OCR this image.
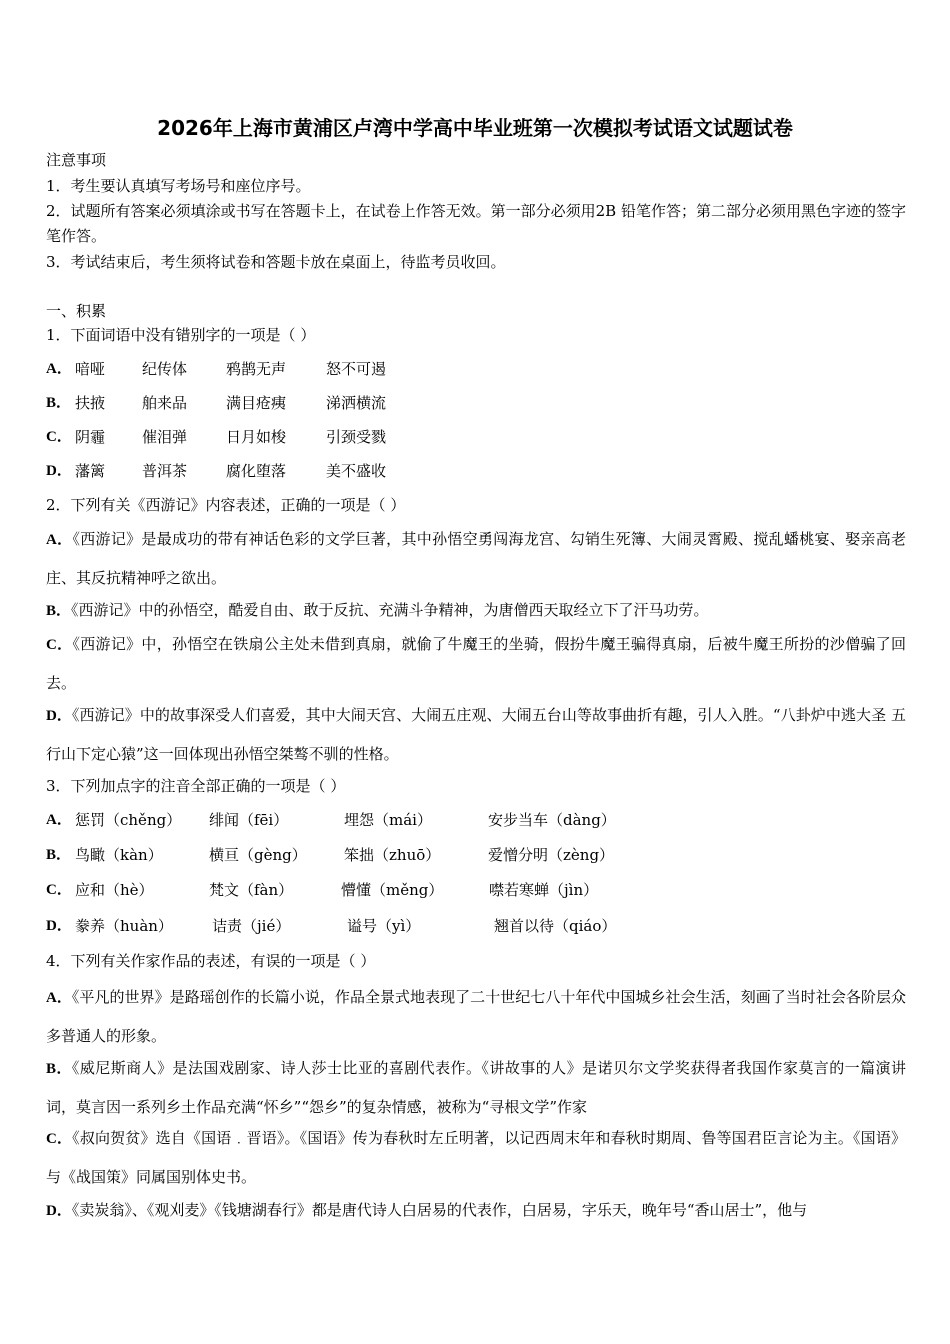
2026年上海市黄浦区卢湾中学高中毕业班第一次模拟考试语文试题试卷
注意事项
1．考生要认真填写考场号和座位序号。
2．试题所有答案必须填涂或书写在答题卡上，在试卷上作答无效。第一部分必须用2B 铅笔作答；第二部分必须用黑色字迹的签字笔作答。
3．考试结束后，考生须将试卷和答题卡放在桌面上，待监考员收回。
一、积累
1．下面词语中没有错别字的一项是（ ）
A． 喑哑 纪传体	鸦鹊无声	怒不可遏
B． 扶掖 舶来品	满目疮痍	涕洒横流
C． 阴霾 催泪弹	日月如梭	引颈受戮
D． 藩篱 普洱茶	腐化堕落	美不盛收
2．下列有关《西游记》内容表述，正确的一项是（ ）
A．《西游记》是最成功的带有神话色彩的文学巨著，其中孙悟空勇闯海龙宫、勾销生死簿、大闹灵霄殿、搅乱蟠桃宴、娶亲高老庄、其反抗精神呼之欲出。
B．《西游记》中的孙悟空，酷爱自由、敢于反抗、充满斗争精神，为唐僧西天取经立下了汗马功劳。
C．《西游记》中，孙悟空在铁扇公主处未借到真扇，就偷了牛魔王的坐骑，假扮牛魔王骗得真扇，后被牛魔王所扮的沙僧骗了回去。
D．《西游记》中的故事深受人们喜爱，其中大闹天宫、大闹五庄观、大闹五台山等故事曲折有趣，引人入胜。“八卦炉中逃大圣 五行山下定心猿”这一回体现出孙悟空桀骜不驯的性格。
3．下列加点字的注音全部正确的一项是（ ）
A． 惩罚（chěng） 绯闻（fēi）	埋怨（mái）	安步当车（dàng）
B． 鸟瞰（kàn）	横亘（gèng） 笨拙（zhuō）	爱憎分明（zèng）
C． 应和（hè）	梵文（fàn）	懵懂（měng）	噤若寒蝉（jìn）
D． 豢养（huàn）	诘责（jié）	谥号（yì）	翘首以待（qiáo）
4．下列有关作家作品的表述，有误的一项是（ ）
A．《平凡的世界》是路瑶创作的长篇小说，作品全景式地表现了二十世纪七八十年代中国城乡社会生活，刻画了当时社会各阶层众多普通人的形象。
B．《威尼斯商人》是法国戏剧家、诗人莎士比亚的喜剧代表作。《讲故事的人》是诺贝尔文学奖获得者我国作家莫言的一篇演讲词，莫言因一系列乡土作品充满“怀乡”“怨乡”的复杂情感，被称为“寻根文学”作家
C．《叔向贺贫》选自《国语﹒晋语》。《国语》传为春秋时左丘明著，以记西周末年和春秋时期周、鲁等国君臣言论为主。《国语》与《战国策》同属国别体史书。
D．《卖炭翁》、《观刈麦》《钱塘湖春行》都是唐代诗人白居易的代表作，白居易，字乐天，晚年号“香山居士”，他与
